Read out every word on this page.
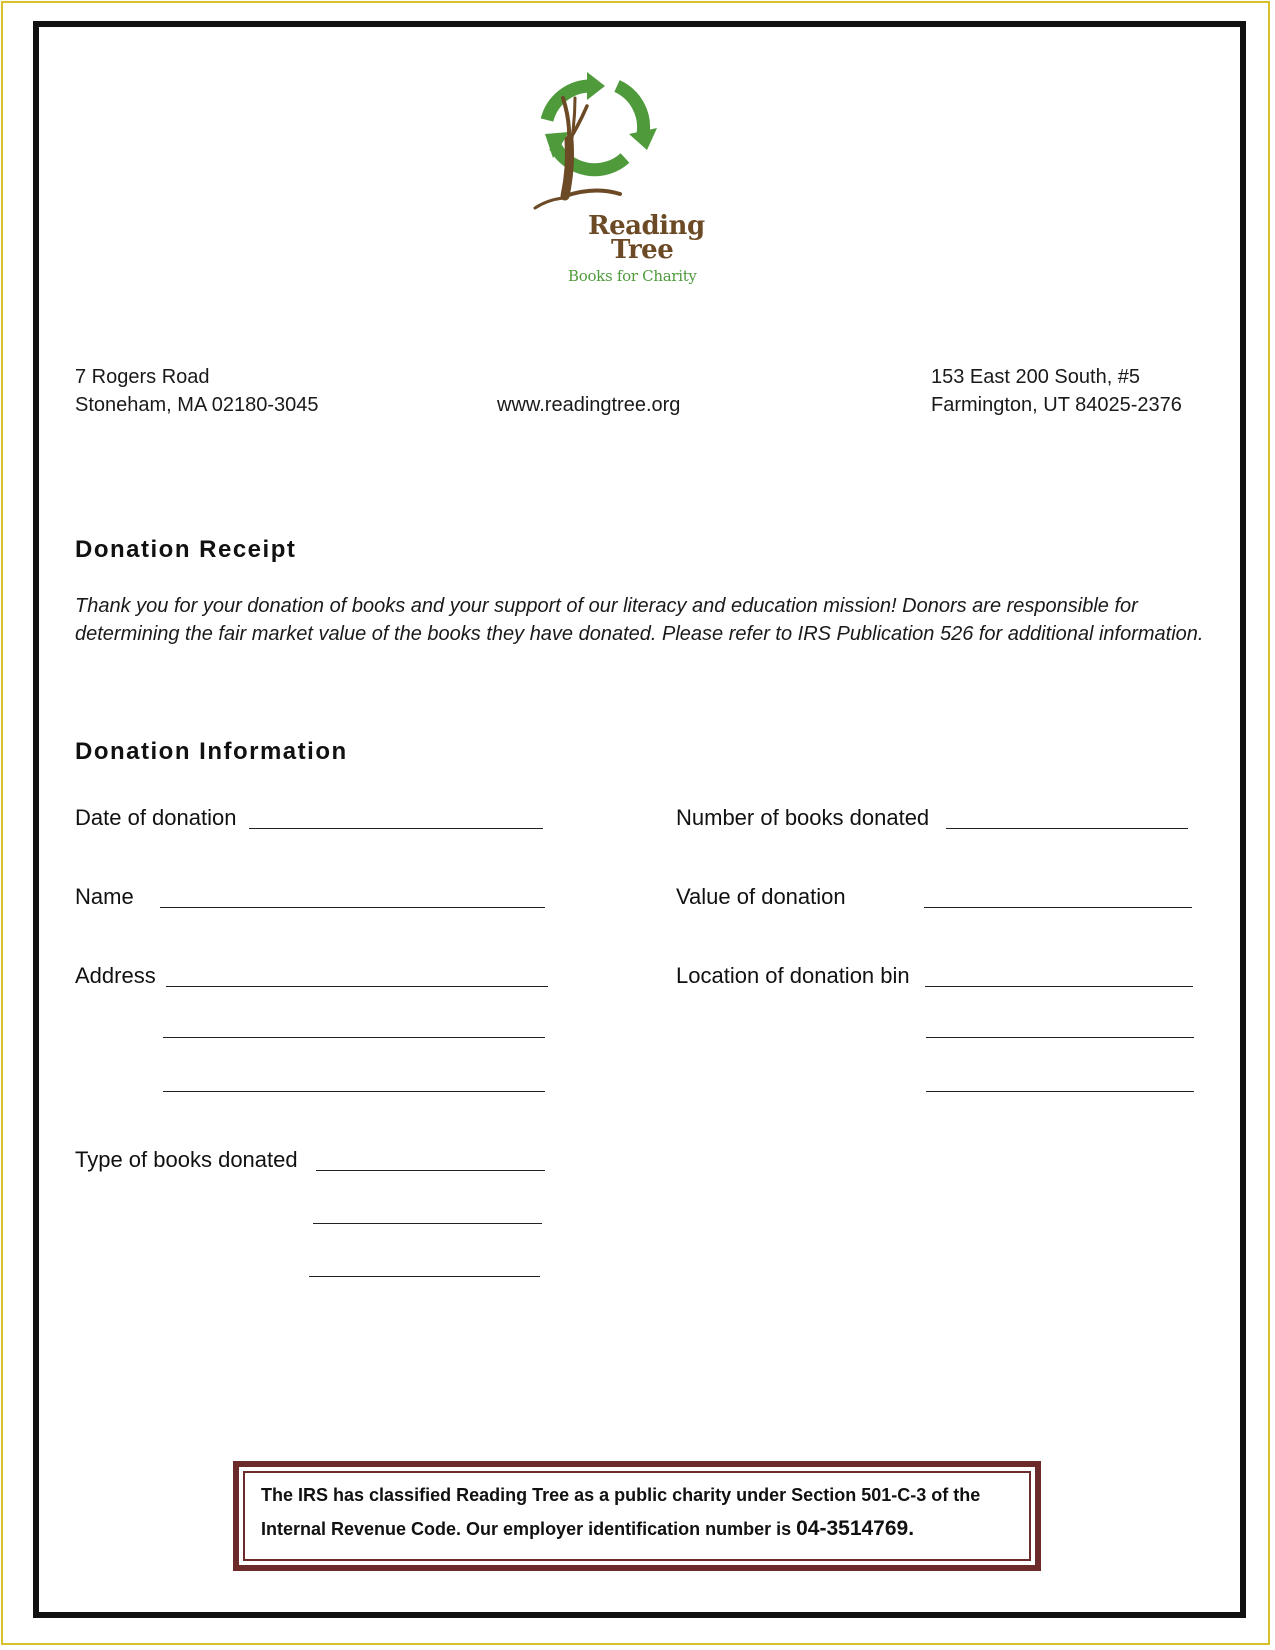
Reading
Tree
Books for Charity
7 Rogers Road
Stoneham, MA 02180-3045	www.readingtree.org
153 East 200 South, #5
Farmington, UT 84025-2376
Donation Receipt
Thank you for your donation of books and your support of our literacy and education mission! Donors are responsible for determining the fair market value of the books they have donated. Please refer to IRS Publication 526 for additional information.
Donation Information
Date of donation
Name
Address
Type of books donated
Number of books donated
Value of donation
Location of donation bin
The IRS has classified Reading Tree as a public charity under Section 501-C-3 of the Internal Revenue Code. Our employer identification number is 04-3514769.
